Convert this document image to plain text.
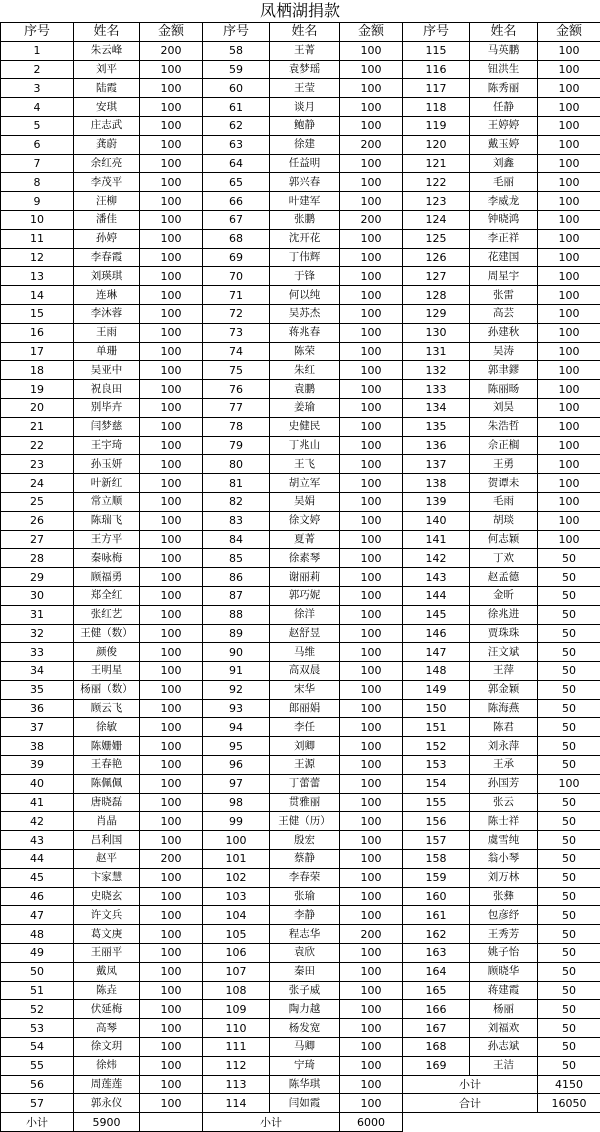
凤栖湖捐款
序号	姓名	金额	序号	姓名	金额	序号	姓名	金额
1	朱云峰	200	58	王菁	100	115	马英鹏	100
2	刘平	100	59	袁梦瑶	100	116	钮洪生	100
3	陆霞	100	60	王莹	100	117	陈秀丽	100
4	安琪	100	61	谈月	100	118	任静	100
5	庄志武	100	62	鲍静	100	119	王婷婷	100
6	龚蔚	100	63	徐建	200	120	戴玉婷	100
7	余红亮	100	64	任益明	100	121	刘鑫	100
8	李茂平	100	65	郭兴春	100	122	毛丽	100
9	汪柳	100	66	叶建军	100	123	李威龙	100
10	潘佳	100	67	张鹏	200	124	钟晓鸿	100
11	孙婷	100	68	沈开花	100	125	李正祥	100
12	李春霞	100	69	丁伟辉	100	126	花建国	100
13	刘瑛琪	100	70	于锋	100	127	周星宇	100
14	连琳	100	71	何以纯	100	128	张雷	100
15	李沐蓉	100	72	吴苏杰	100	129	高芸	100
16	王雨	100	73	蒋兆春	100	130	孙建秋	100
17	单珊	100	74	陈荣	100	131	吴涛	100
18	吴亚中	100	75	朱红	100	132	郭聿鏐	100
19	祝良田	100	76	袁鹏	100	133	陈丽旸	100
20	别毕卉	100	77	姜瑜	100	134	刘昊	100
21	闫梦慈	100	78	史健民	100	135	朱浩哲	100
22	王宇琦	100	79	丁兆山	100	136	佘正榈	100
23	孙玉妍	100	80	王飞	100	137	王勇	100
24	叶新红	100	81	胡立军	100	138	贺谭未	100
25	常立顺	100	82	吴娟	100	139	毛雨	100
26	陈瑞飞	100	83	徐文婷	100	140	胡琰	100
27	王方平	100	84	夏菁	100	141	何志颖	100
28	秦咏梅	100	85	徐素琴	100	142	丁欢	50
29	顾福勇	100	86	谢丽莉	100	143	赵孟德	50
30	郑全红	100	87	郭巧妮	100	144	金昕	50
31	张红艺	100	88	徐洋	100	145	徐兆进	50
32	王健（数）	100	89	赵舒昱	100	146	贾珠珠	50
33	颜俊	100	90	马维	100	147	汪文斌	50
34	王明星	100	91	高双晨	100	148	王萍	50
35	杨丽（数）	100	92	宋华	100	149	郭金颖	50
36	顾云飞	100	93	郎丽娟	100	150	陈海燕	50
37	徐敏	100	94	李任	100	151	陈君	50
38	陈姗姗	100	95	刘卿	100	152	刘永萍	50
39	王春艳	100	96	王源	100	153	王承	50
40	陈佩佩	100	97	丁蕾蕾	100	154	孙国芳	100
41	唐晓磊	100	98	贯雅丽	100	155	张云	50
42	肖晶	100	99	王健（历）	100	156	陈士祥	50
43	吕利国	100	100	殷宏	100	157	虞雪纯	50
44	赵平	200	101	蔡静	100	158	翁小琴	50
45	卞家慧	100	102	李春荣	100	159	刘万林	50
46	史晓玄	100	103	张瑜	100	160	张彝	50
47	许文兵	100	104	李静	100	161	包彦纾	50
48	葛文庚	100	105	程志华	200	162	王秀芳	50
49	王丽平	100	106	袁欣	100	163	姚子怡	50
50	戴凤	100	107	秦田	100	164	顾晓华	50
51	陈垚	100	108	张子威	100	165	蒋建霞	50
52	伏延梅	100	109	陶力越	100	166	杨丽	50
53	高琴	100	110	杨发宽	100	167	刘福欢	50
54	徐文玥	100	111	马卿	100	168	孙志斌	50
55	徐炜	100	112	宁琦	100	169	王洁	50
56	周莲莲	100	113	陈华琪	100	小计		4150
57	郭永仪	100	114	闫如霞	100	合计		16050
小计	5900		小计		6000			
